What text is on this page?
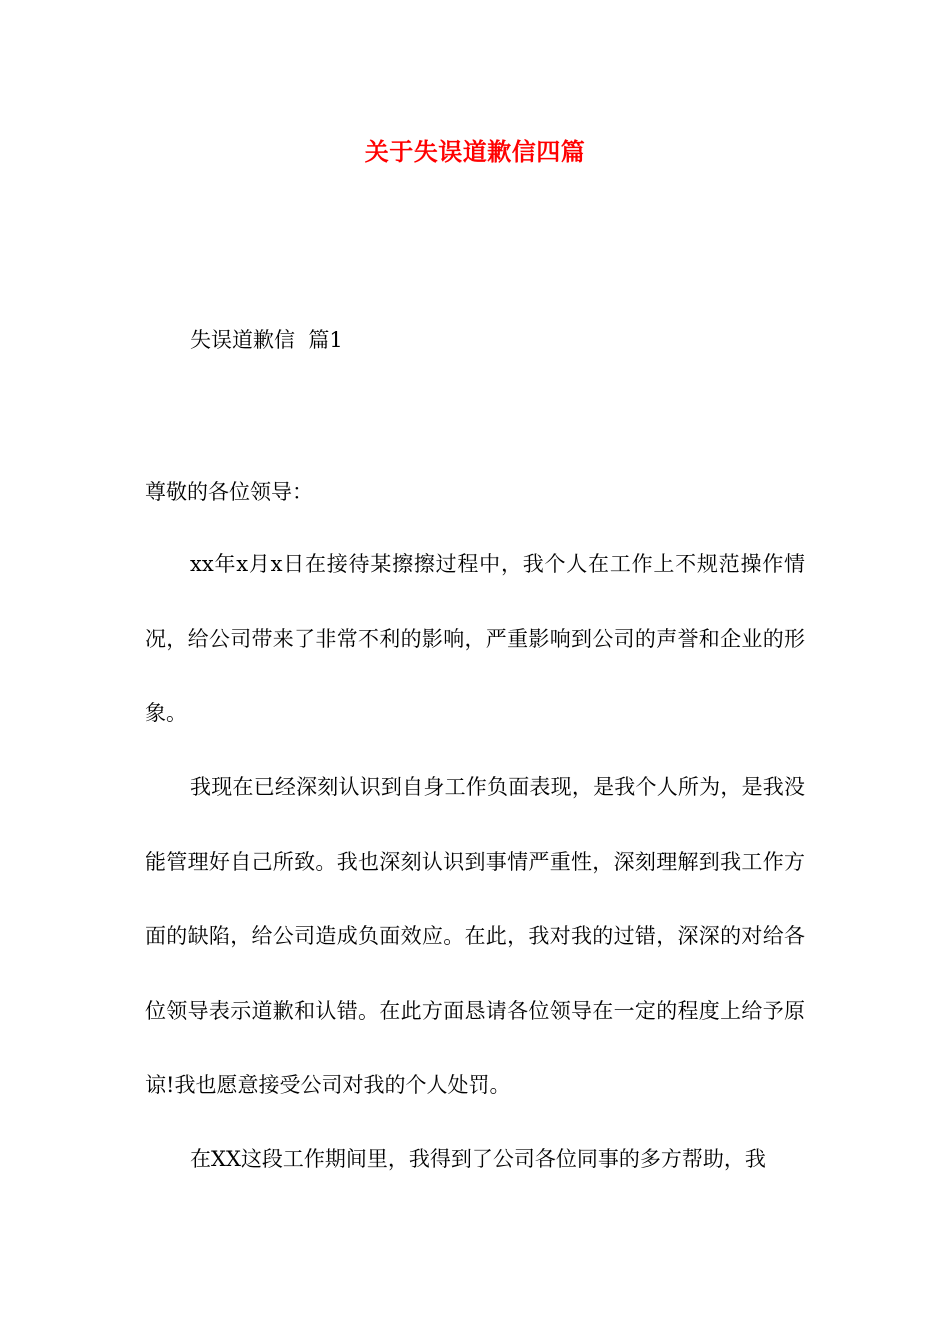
关于失误道歉信四篇
失误道歉信  篇1
尊敬的各位领导：

xx年x月x日在接待某擦擦过程中，我个人在工作上不规范操作情况，给公司带来了非常不利的影响，严重影响到公司的声誉和企业的形象。

我现在已经深刻认识到自身工作负面表现，是我个人所为，是我没能管理好自己所致。我也深刻认识到事情严重性，深刻理解到我工作方面的缺陷，给公司造成负面效应。在此，我对我的过错，深深的对给各位领导表示道歉和认错。在此方面恳请各位领导在一定的程度上给予原谅!我也愿意接受公司对我的个人处罚。

在XX这段工作期间里，我得到了公司各位同事的多方帮助，我
